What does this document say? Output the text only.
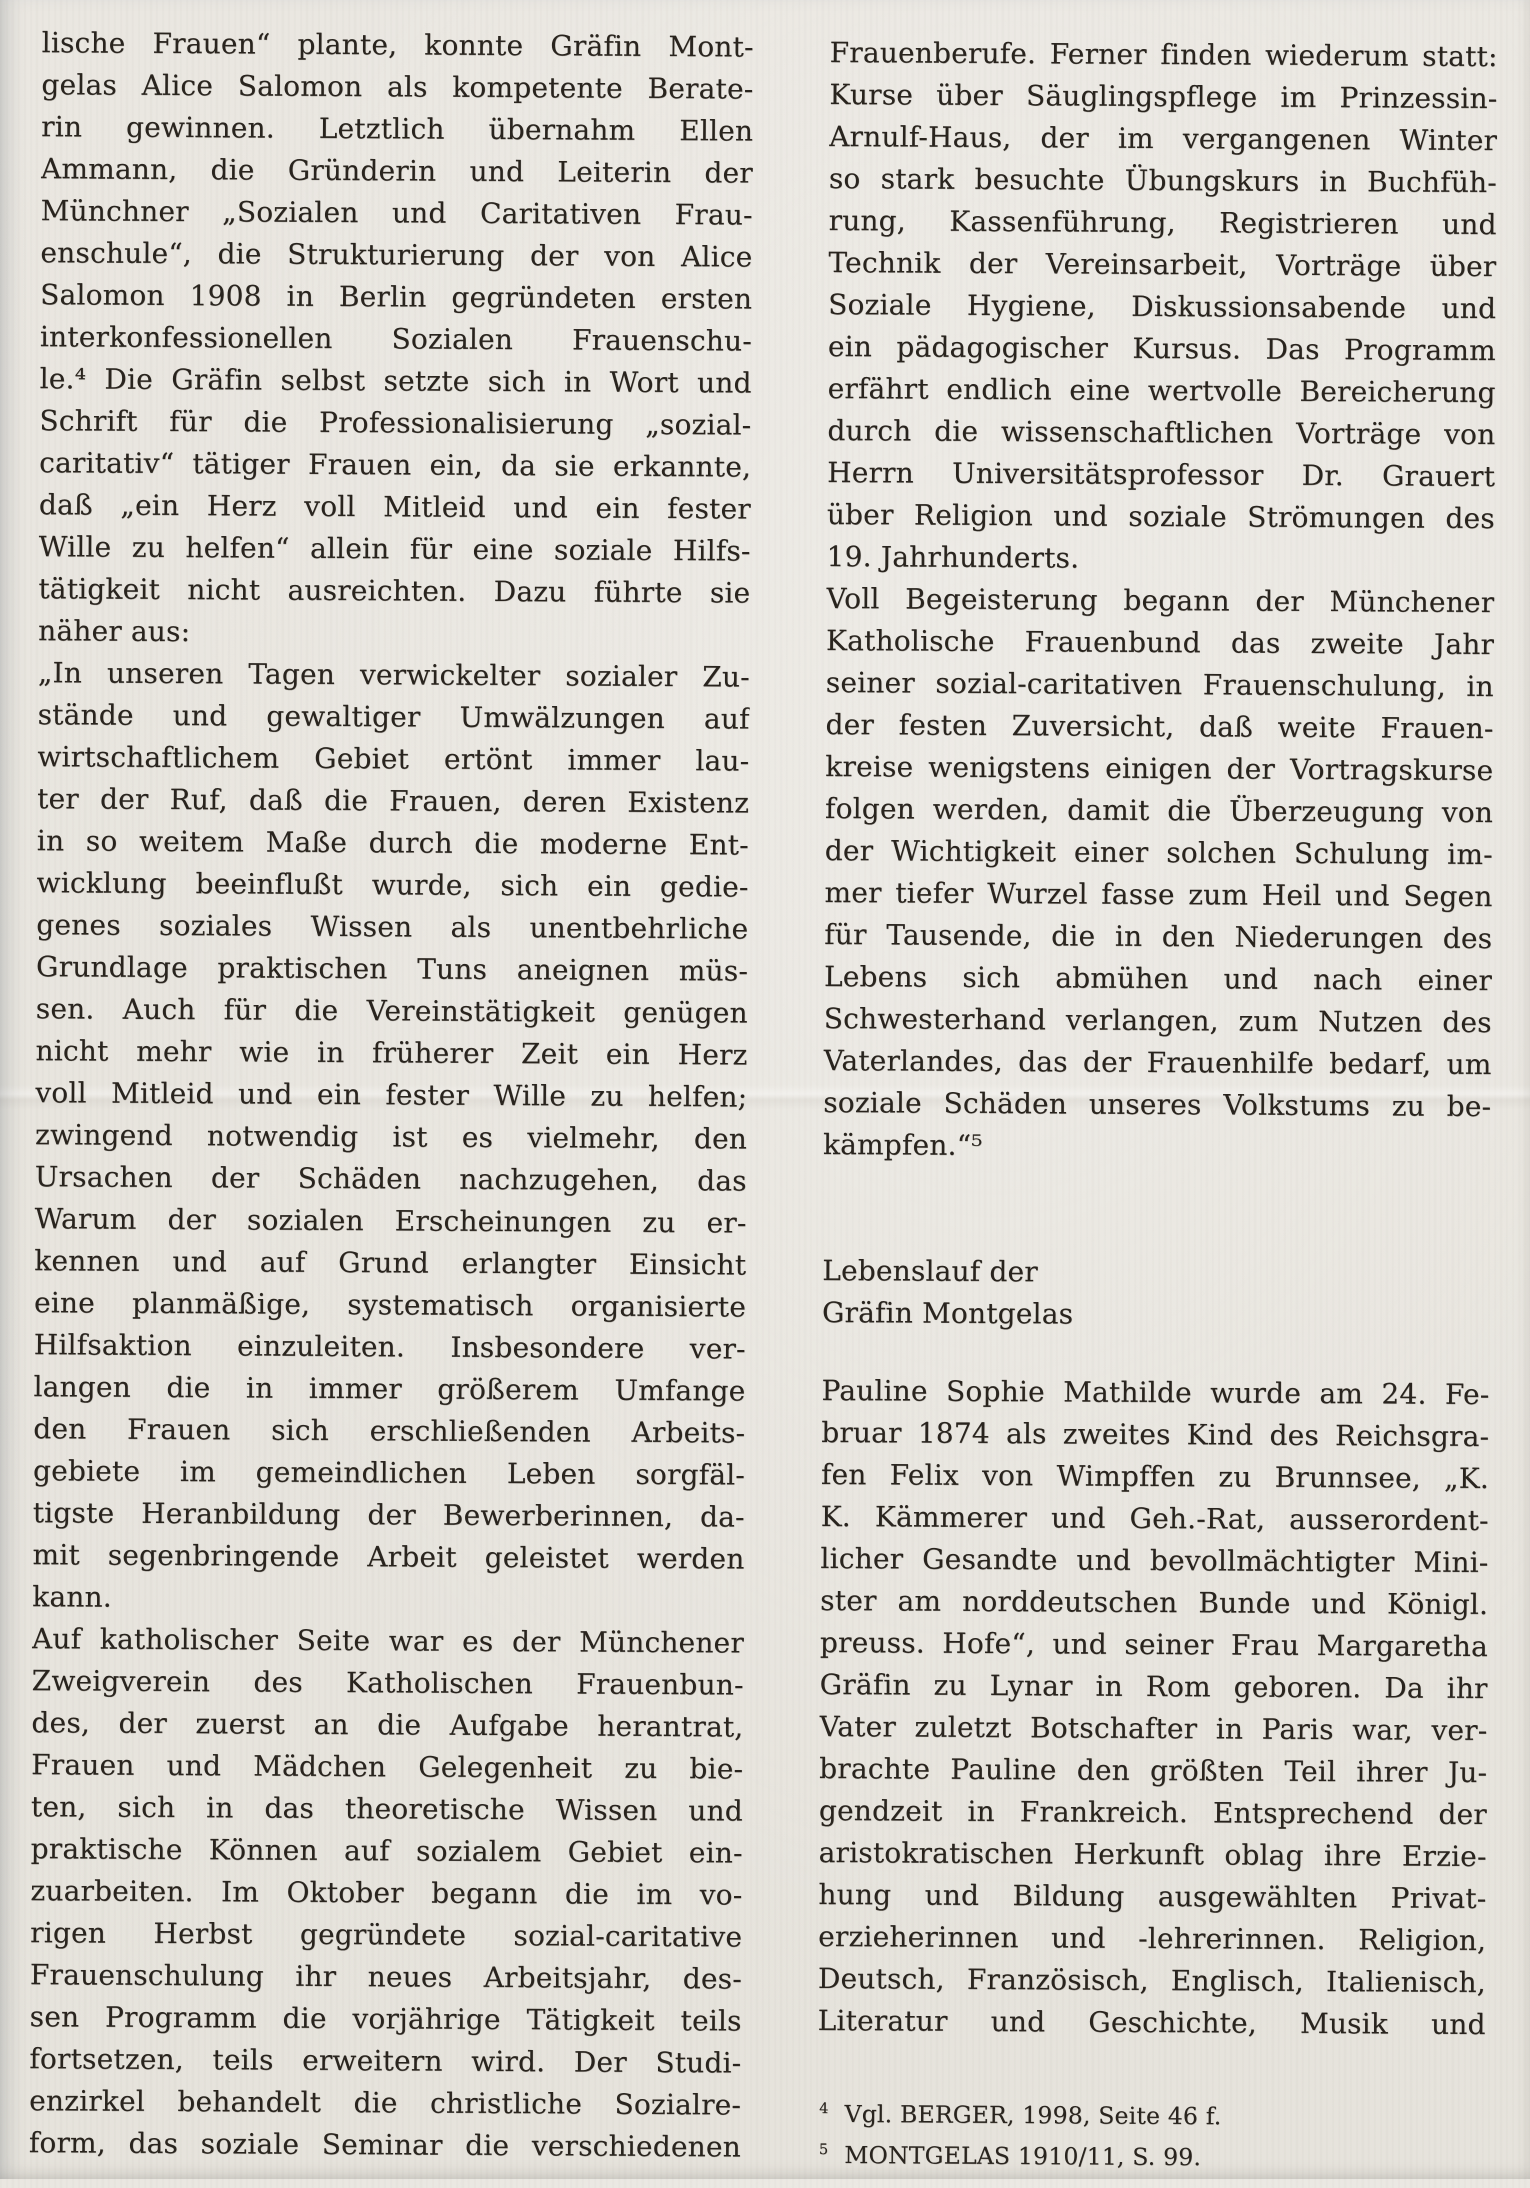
lische Frauen“ plante, konnte Gräfin Mont-
gelas Alice Salomon als kompetente Berate-
rin gewinnen. Letztlich übernahm Ellen
Ammann, die Gründerin und Leiterin der
Münchner „Sozialen und Caritativen Frau-
enschule“, die Strukturierung der von Alice
Salomon 1908 in Berlin gegründeten ersten
interkonfessionellen Sozialen Frauenschu-
le.⁴ Die Gräfin selbst setzte sich in Wort und
Schrift für die Professionalisierung „sozial-
caritativ“ tätiger Frauen ein, da sie erkannte,
daß „ein Herz voll Mitleid und ein fester
Wille zu helfen“ allein für eine soziale Hilfs-
tätigkeit nicht ausreichten. Dazu führte sie
näher aus:
„In unseren Tagen verwickelter sozialer Zu-
stände und gewaltiger Umwälzungen auf
wirtschaftlichem Gebiet ertönt immer lau-
ter der Ruf, daß die Frauen, deren Existenz
in so weitem Maße durch die moderne Ent-
wicklung beeinflußt wurde, sich ein gedie-
genes soziales Wissen als unentbehrliche
Grundlage praktischen Tuns aneignen müs-
sen. Auch für die Vereinstätigkeit genügen
nicht mehr wie in früherer Zeit ein Herz
voll Mitleid und ein fester Wille zu helfen;
zwingend notwendig ist es vielmehr, den
Ursachen der Schäden nachzugehen, das
Warum der sozialen Erscheinungen zu er-
kennen und auf Grund erlangter Einsicht
eine planmäßige, systematisch organisierte
Hilfsaktion einzuleiten. Insbesondere ver-
langen die in immer größerem Umfange
den Frauen sich erschließenden Arbeits-
gebiete im gemeindlichen Leben sorgfäl-
tigste Heranbildung der Bewerberinnen, da-
mit segenbringende Arbeit geleistet werden
kann.
Auf katholischer Seite war es der Münchener
Zweigverein des Katholischen Frauenbun-
des, der zuerst an die Aufgabe herantrat,
Frauen und Mädchen Gelegenheit zu bie-
ten, sich in das theoretische Wissen und
praktische Können auf sozialem Gebiet ein-
zuarbeiten. Im Oktober begann die im vo-
rigen Herbst gegründete sozial-caritative
Frauenschulung ihr neues Arbeitsjahr, des-
sen Programm die vorjährige Tätigkeit teils
fortsetzen, teils erweitern wird. Der Studi-
enzirkel behandelt die christliche Sozialre-
form, das soziale Seminar die verschiedenen
Frauenberufe. Ferner finden wiederum statt:
Kurse über Säuglingspflege im Prinzessin-
Arnulf-Haus, der im vergangenen Winter
so stark besuchte Übungskurs in Buchfüh-
rung, Kassenführung, Registrieren und
Technik der Vereinsarbeit, Vorträge über
Soziale Hygiene, Diskussionsabende und
ein pädagogischer Kursus. Das Programm
erfährt endlich eine wertvolle Bereicherung
durch die wissenschaftlichen Vorträge von
Herrn Universitätsprofessor Dr. Grauert
über Religion und soziale Strömungen des
19. Jahrhunderts.
Voll Begeisterung begann der Münchener
Katholische Frauenbund das zweite Jahr
seiner sozial-caritativen Frauenschulung, in
der festen Zuversicht, daß weite Frauen-
kreise wenigstens einigen der Vortragskurse
folgen werden, damit die Überzeugung von
der Wichtigkeit einer solchen Schulung im-
mer tiefer Wurzel fasse zum Heil und Segen
für Tausende, die in den Niederungen des
Lebens sich abmühen und nach einer
Schwesterhand verlangen, zum Nutzen des
Vaterlandes, das der Frauenhilfe bedarf, um
soziale Schäden unseres Volkstums zu be-
kämpfen.“⁵
Lebenslauf der
Gräfin Montgelas
Pauline Sophie Mathilde wurde am 24. Fe-
bruar 1874 als zweites Kind des Reichsgra-
fen Felix von Wimpffen zu Brunnsee, „K.
K. Kämmerer und Geh.-Rat, ausserordent-
licher Gesandte und bevollmächtigter Mini-
ster am norddeutschen Bunde und Königl.
preuss. Hofe“, und seiner Frau Margaretha
Gräfin zu Lynar in Rom geboren. Da ihr
Vater zuletzt Botschafter in Paris war, ver-
brachte Pauline den größten Teil ihrer Ju-
gendzeit in Frankreich. Entsprechend der
aristokratischen Herkunft oblag ihre Erzie-
hung und Bildung ausgewählten Privat-
erzieherinnen und -lehrerinnen. Religion,
Deutsch, Französisch, Englisch, Italienisch,
Literatur und Geschichte, Musik und
$^4$ Vgl. BERGER, 1998, Seite 46 f.
$^5$ MONTGELAS 1910/11, S. 99.
